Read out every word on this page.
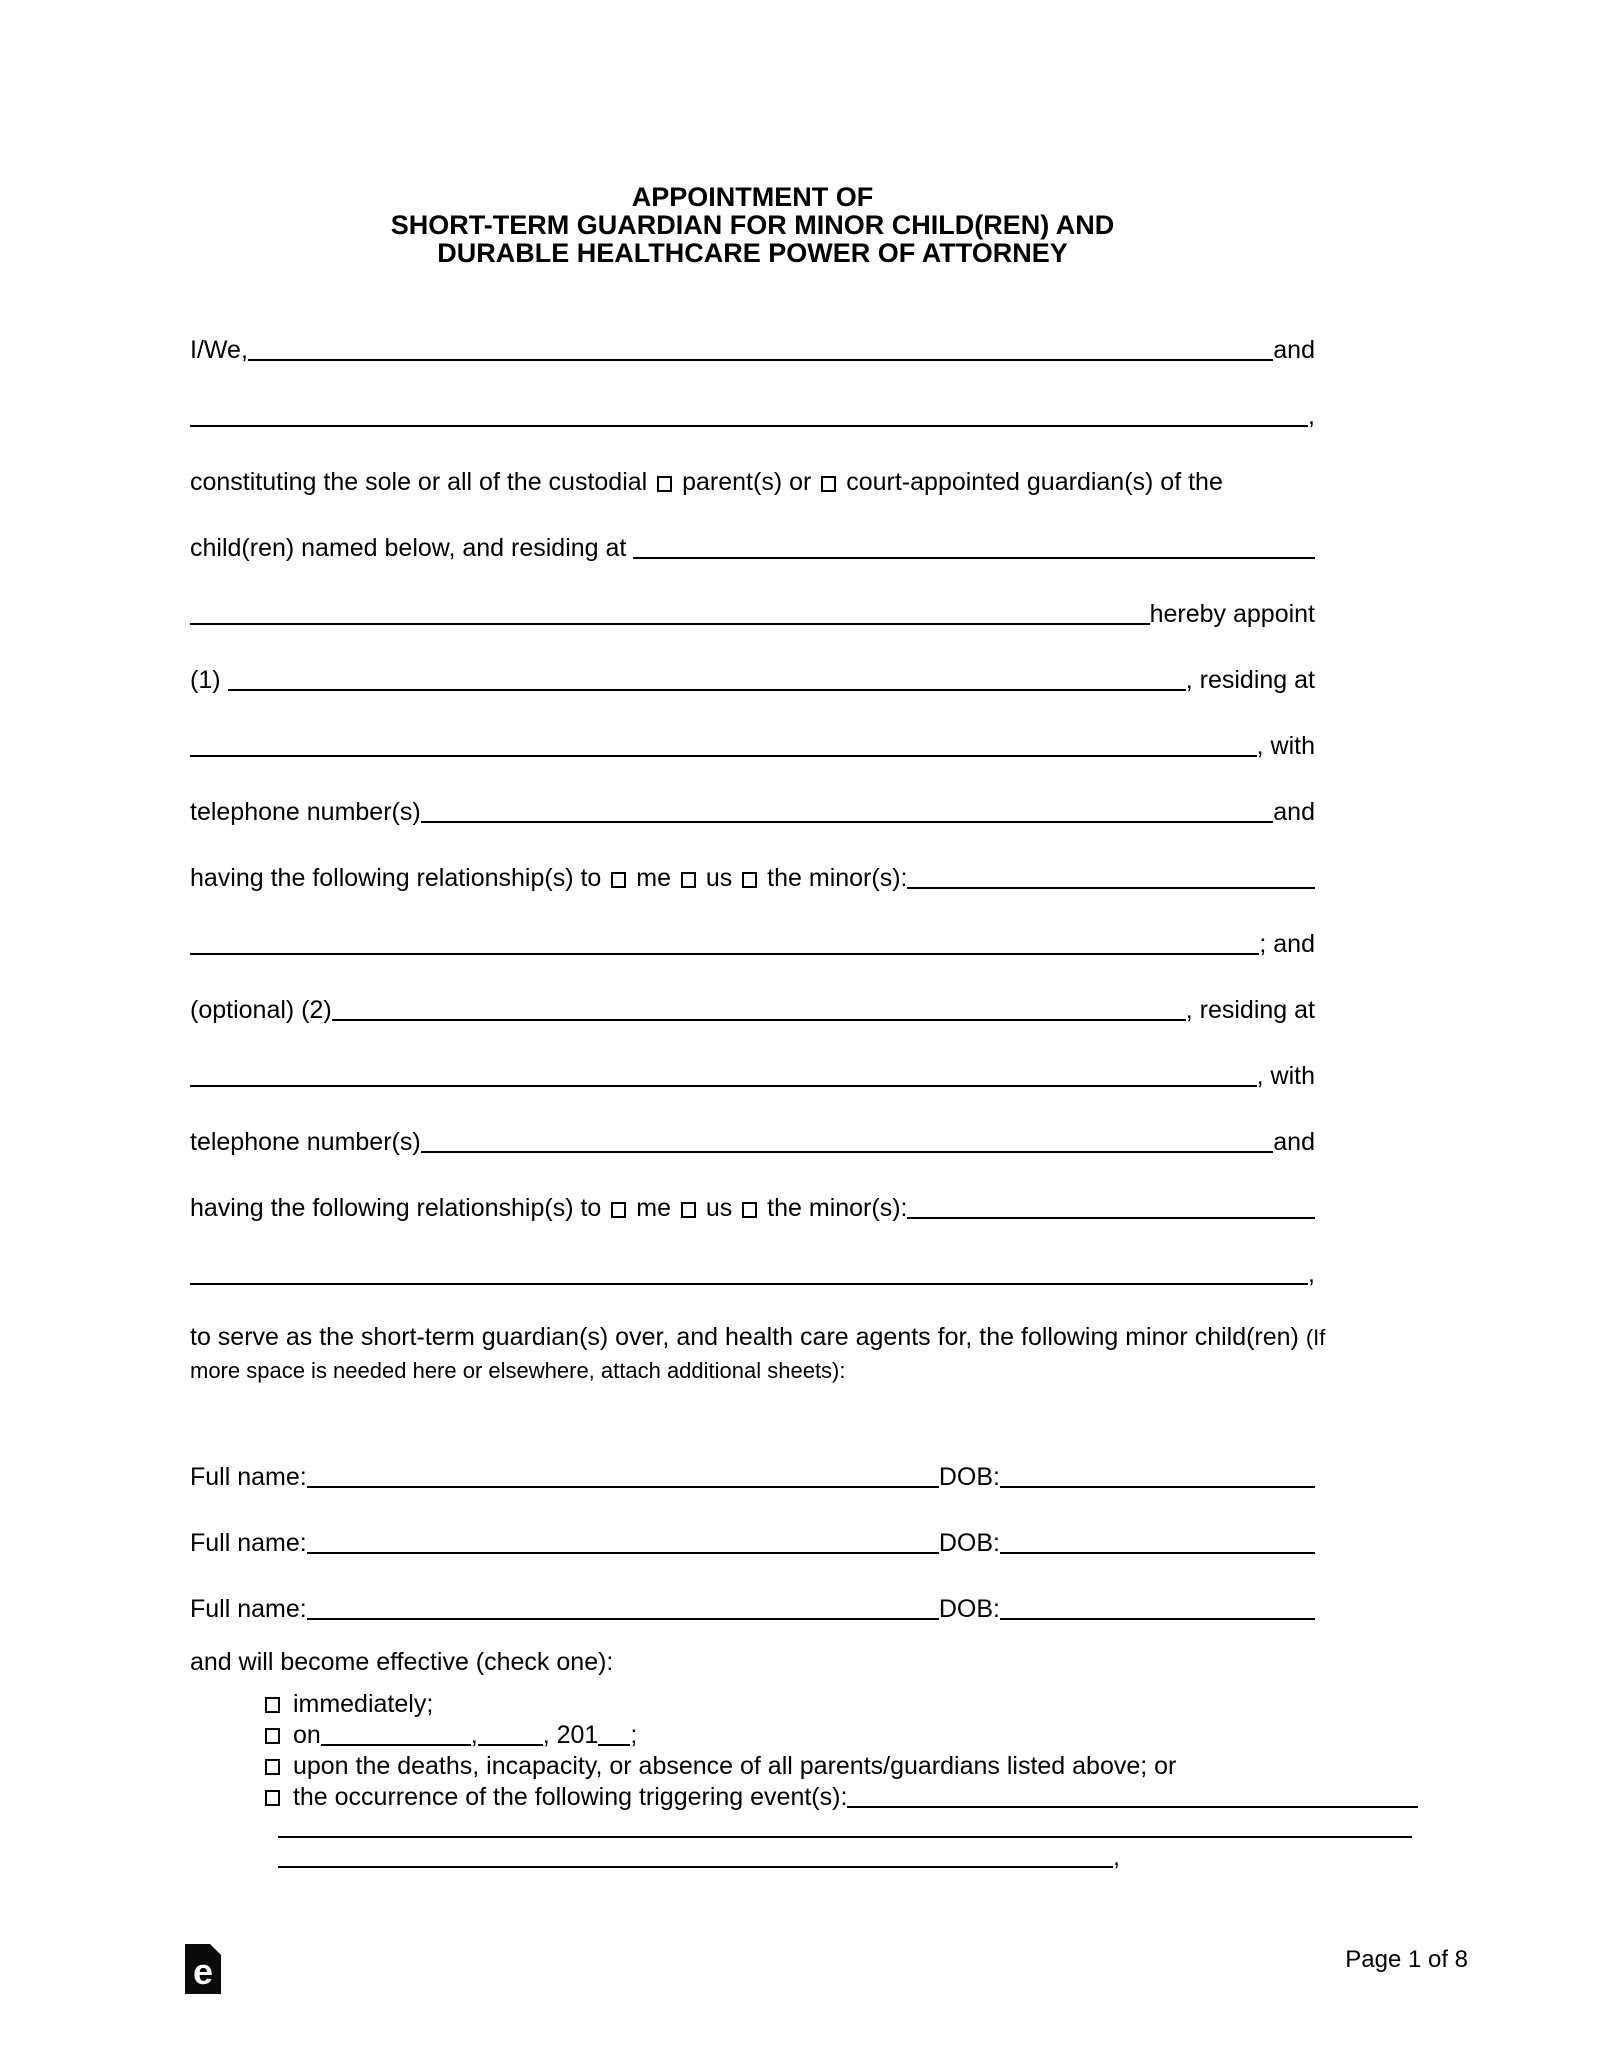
APPOINTMENT OF
SHORT-TERM GUARDIAN FOR MINOR CHILD(REN) AND
DURABLE HEALTHCARE POWER OF ATTORNEY
I/We,	and
,
constituting the sole or all of the custodial parent(s) or court-appointed guardian(s) of the
child(ren) named below, and residing at
hereby appoint
(1)	, residing at
, with
telephone number(s)	and
having the following relationship(s) to me us the minor(s):
; and
(optional) (2)	, residing at
, with
telephone number(s)	and
having the following relationship(s) to me us the minor(s):
,
to serve as the short-term guardian(s) over, and health care agents for, the following minor child(ren) (If
more space is needed here or elsewhere, attach additional sheets):
Full name:	DOB:
Full name:	DOB:
Full name:	DOB:
and will become effective (check one):
immediately;
on	,	, 201 ;
upon the deaths, incapacity, or absence of all parents/guardians listed above; or
the occurrence of the following triggering event(s):
,
e	Page 1 of 8
